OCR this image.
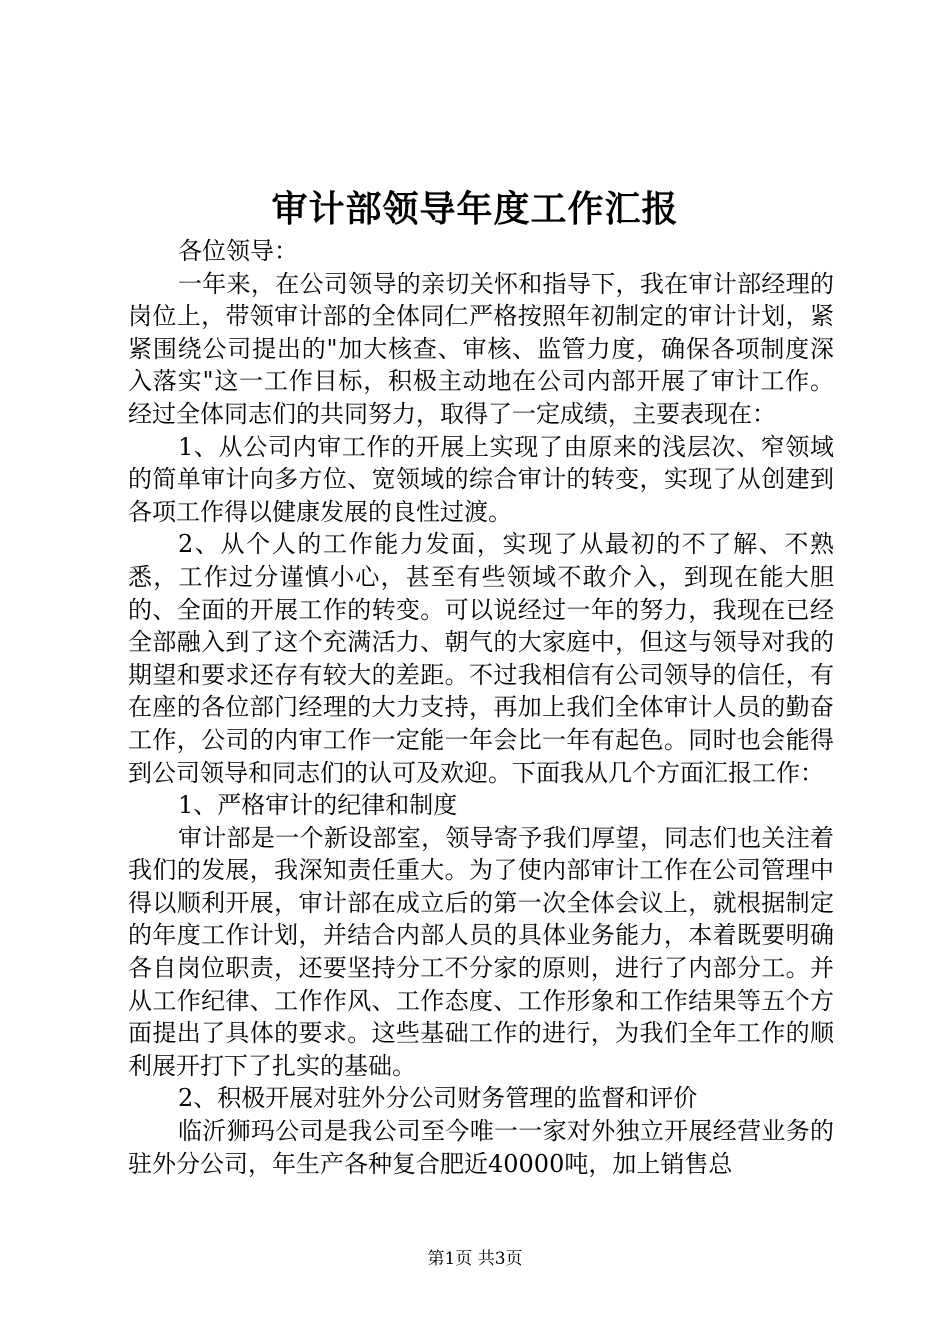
审计部领导年度工作汇报

各位领导：

一年来，在公司领导的亲切关怀和指导下，我在审计部经理的岗位上，带领审计部的全体同仁严格按照年初制定的审计计划，紧紧围绕公司提出的"加大核查、审核、监管力度，确保各项制度深入落实"这一工作目标，积极主动地在公司内部开展了审计工作。经过全体同志们的共同努力，取得了一定成绩，主要表现在：

1、从公司内审工作的开展上实现了由原来的浅层次、窄领域的简单审计向多方位、宽领域的综合审计的转变，实现了从创建到各项工作得以健康发展的良性过渡。

2、从个人的工作能力发面，实现了从最初的不了解、不熟悉，工作过分谨慎小心，甚至有些领域不敢介入，到现在能大胆的、全面的开展工作的转变。可以说经过一年的努力，我现在已经全部融入到了这个充满活力、朝气的大家庭中，但这与领导对我的期望和要求还存有较大的差距。不过我相信有公司领导的信任，有在座的各位部门经理的大力支持，再加上我们全体审计人员的勤奋工作，公司的内审工作一定能一年会比一年有起色。同时也会能得到公司领导和同志们的认可及欢迎。下面我从几个方面汇报工作：

1、严格审计的纪律和制度

审计部是一个新设部室，领导寄予我们厚望，同志们也关注着我们的发展，我深知责任重大。为了使内部审计工作在公司管理中得以顺利开展，审计部在成立后的第一次全体会议上，就根据制定的年度工作计划，并结合内部人员的具体业务能力，本着既要明确各自岗位职责，还要坚持分工不分家的原则，进行了内部分工。并从工作纪律、工作作风、工作态度、工作形象和工作结果等五个方面提出了具体的要求。这些基础工作的进行，为我们全年工作的顺利展开打下了扎实的基础。

2、积极开展对驻外分公司财务管理的监督和评价

临沂狮玛公司是我公司至今唯一一家对外独立开展经营业务的驻外分公司，年生产各种复合肥近40000吨，加上销售总

第1页 共3页
